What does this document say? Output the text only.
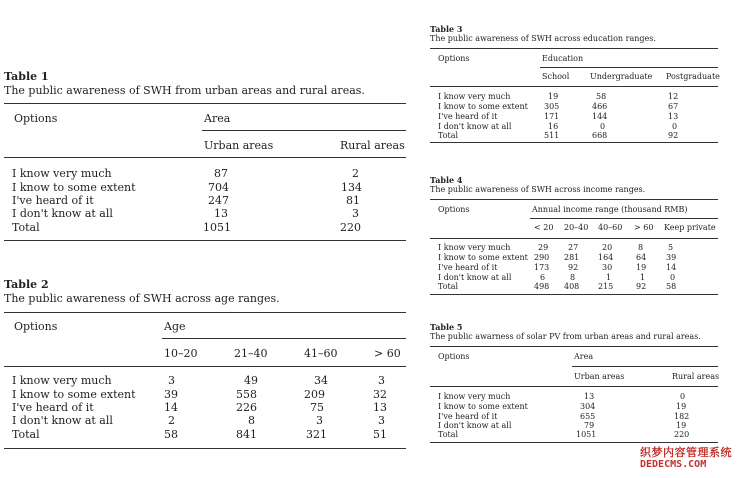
Table 1
The public awareness of SWH from urban areas and rural areas.
Options	Area
Urban areas	Rural areas
I know very much	87	2
I know to some extent	704	134
I've heard of it	247	81
I don't know at all	13	3
Total	1051	220
Table 2
The public awareness of SWH across age ranges.
Options	Age
10–20	21–40	41–60	> 60
I know very much	3	49	34	3
I know to some extent	39	558	209	32
I've heard of it	14	226	75	13
I don't know at all	2	8	3	3
Total	58	841	321	51
Table 3
The public awareness of SWH across education ranges.
Options	Education
School	Undergraduate Postgraduate
I know very much	19	58	12
I know to some extent 305	466	67
I've heard of it	171	144	13
I don't know at all	16	0	0
Total	511	668	92
Table 4
The public awareness of SWH across income ranges.
Options	Annual income range (thousand RMB)
< 20 20–40 40–60 > 60 Keep private
I know very much	29 27	20	8	5
I know to some extent 290 281 164	64 39
I've heard of it	173 92	30	19 14
I don't know at all	6	8	1	1	0
Total	498 408 215	92 58
Table 5
The public awarness of solar PV from urban areas and rural areas.
Options	Area
Urban areas	Rural areas
I know very much	13	0
I know to some extent	304	19
I've heard of it	655	182
I don't know at all	79	19
Total	1051	220
织梦内容管理系统
DEDECMS.COM
